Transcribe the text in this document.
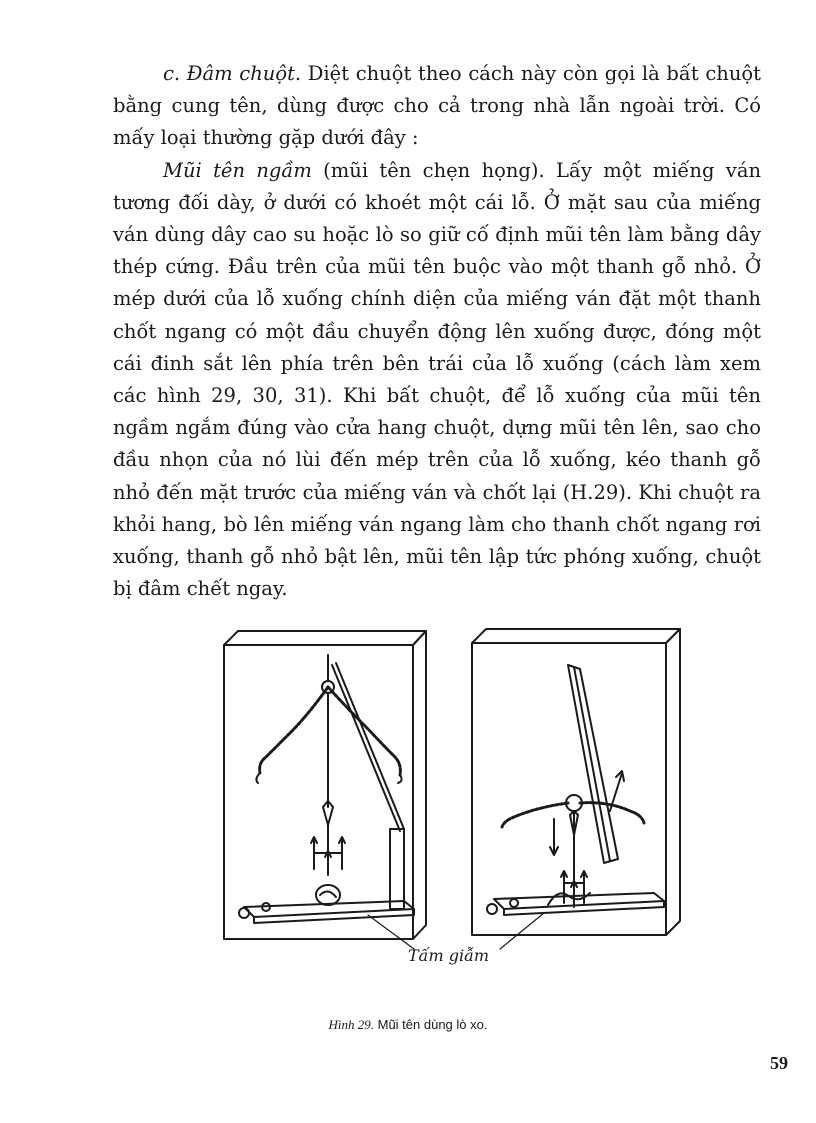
c. Đâm chuột. Diệt chuột theo cách này còn gọi là bất chuột bằng cung tên, dùng được cho cả trong nhà lẫn ngoài trời. Có mấy loại thường gặp dưới đây :

Mũi tên ngầm (mũi tên chẹn họng). Lấy một miếng ván tương đối dày, ở dưới có khoét một cái lỗ. Ở mặt sau của miếng ván dùng dây cao su hoặc lò so giữ cố định mũi tên làm bằng dây thép cứng. Đầu trên của mũi tên buộc vào một thanh gỗ nhỏ. Ở mép dưới của lỗ xuống chính diện của miếng ván đặt một thanh chốt ngang có một đầu chuyển động lên xuống được, đóng một cái đinh sắt lên phía trên bên trái của lỗ xuống (cách làm xem các hình 29, 30, 31). Khi bất chuột, để lỗ xuống của mũi tên ngầm ngắm đúng vào cửa hang chuột, dựng mũi tên lên, sao cho đầu nhọn của nó lùi đến mép trên của lỗ xuống, kéo thanh gỗ nhỏ đến mặt trước của miếng ván và chốt lại (H.29). Khi chuột ra khỏi hang, bò lên miếng ván ngang làm cho thanh chốt ngang rơi xuống, thanh gỗ nhỏ bật lên, mũi tên lập tức phóng xuống, chuột bị đâm chết ngay.

Tấm giẫm
Hình 29. Mũi tên dùng lò xo.
59
